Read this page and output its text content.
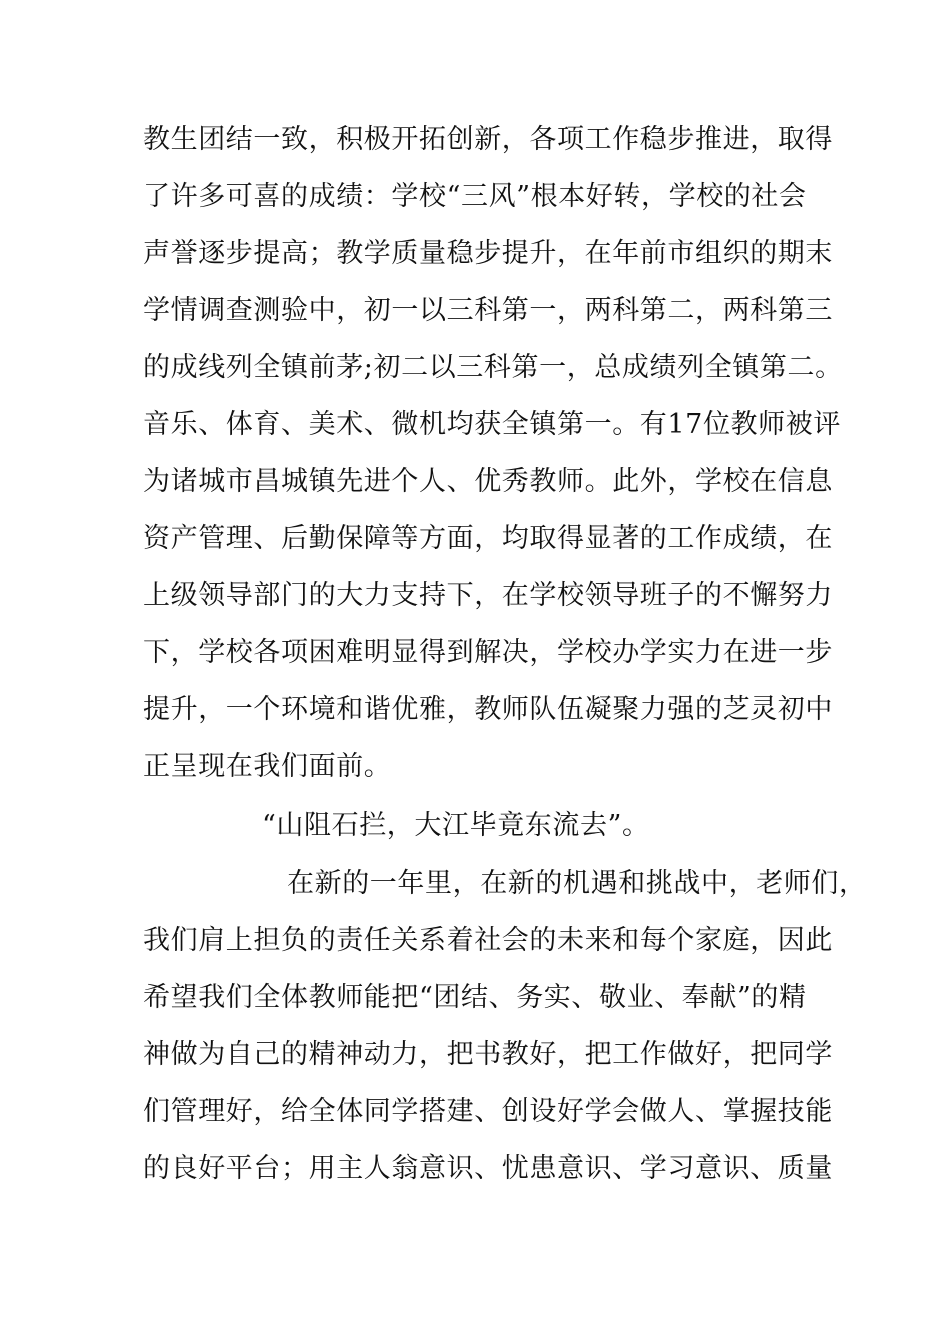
教生团结一致，积极开拓创新，各项工作稳步推进，取得
了许多可喜的成绩：学校“三风”根本好转，学校的社会
声誉逐步提高；教学质量稳步提升，在年前市组织的期末
学情调查测验中，初一以三科第一，两科第二，两科第三
的成线列全镇前茅;初二以三科第一，总成绩列全镇第二。
音乐、体育、美术、微机均获全镇第一。有17位教师被评
为诸城市昌城镇先进个人、优秀教师。此外，学校在信息
资产管理、后勤保障等方面，均取得显著的工作成绩，在
上级领导部门的大力支持下，在学校领导班子的不懈努力
下，学校各项困难明显得到解决，学校办学实力在进一步
提升，一个环境和谐优雅，教师队伍凝聚力强的芝灵初中
正呈现在我们面前。
“山阻石拦，大江毕竟东流去”。
在新的一年里，在新的机遇和挑战中，老师们，
我们肩上担负的责任关系着社会的未来和每个家庭，因此
希望我们全体教师能把“团结、务实、敬业、奉献”的精
神做为自己的精神动力，把书教好，把工作做好，把同学
们管理好，给全体同学搭建、创设好学会做人、掌握技能
的良好平台；用主人翁意识、忧患意识、学习意识、质量
